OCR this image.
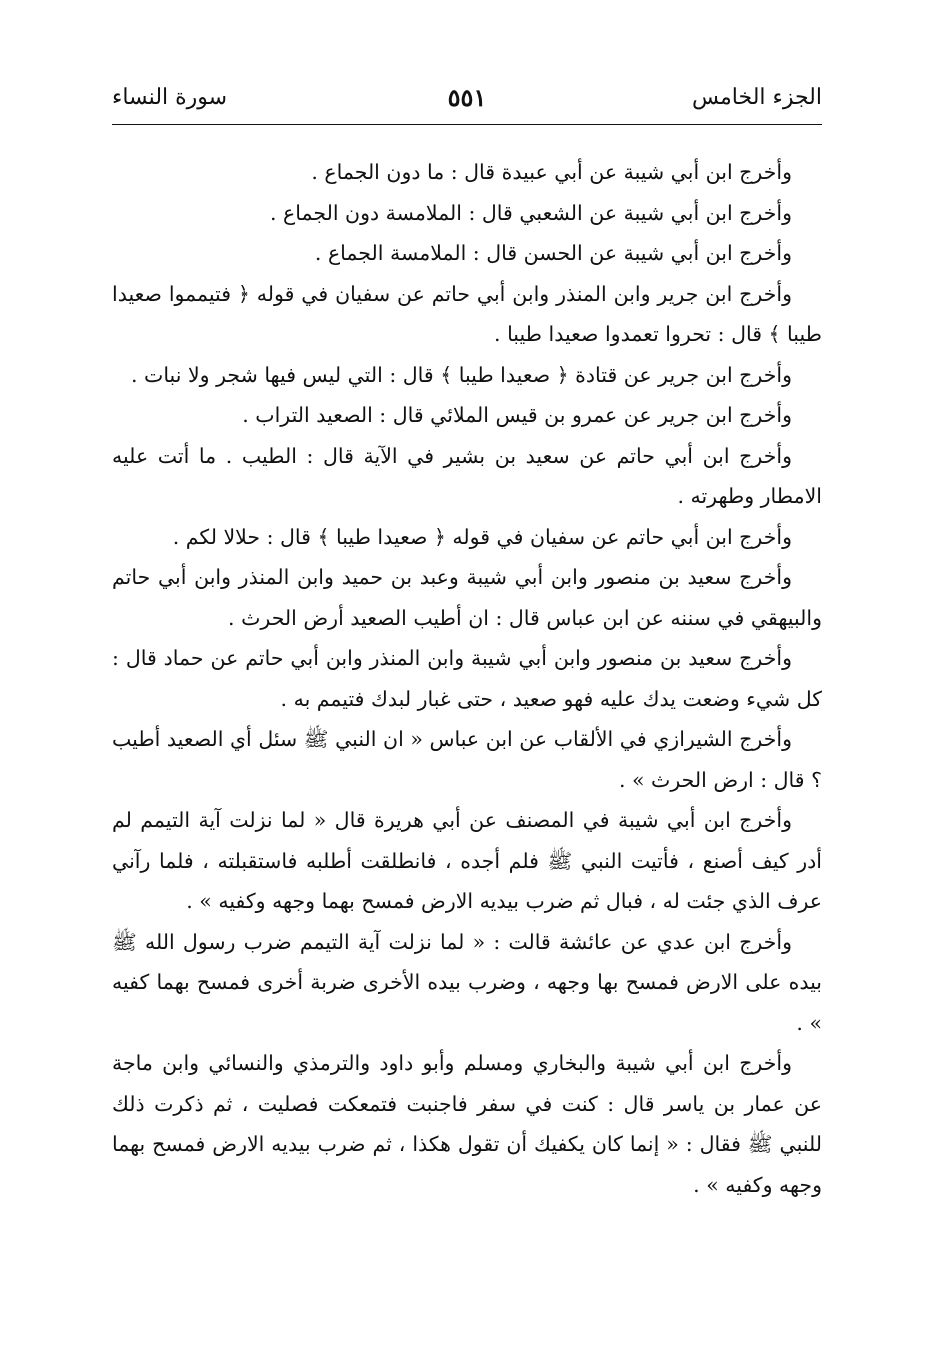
الجزء الخامس
٥٥١
سورة النساء

وأخرج ابن أبي شيبة عن أبي عبيدة قال : ما دون الجماع .

وأخرج ابن أبي شيبة عن الشعبي قال : الملامسة دون الجماع .

وأخرج ابن أبي شيبة عن الحسن قال : الملامسة الجماع .

وأخرج ابن جرير وابن المنذر وابن أبي حاتم عن سفيان في قوله ﴿ فتيمموا صعيدا طيبا ﴾ قال : تحروا تعمدوا صعيدا طيبا .

وأخرج ابن جرير عن قتادة ﴿ صعيدا طيبا ﴾ قال : التي ليس فيها شجر ولا نبات .

وأخرج ابن جرير عن عمرو بن قيس الملائي قال : الصعيد التراب .

وأخرج ابن أبي حاتم عن سعيد بن بشير في الآية قال : الطيب . ما أتت عليه الامطار وطهرته .

وأخرج ابن أبي حاتم عن سفيان في قوله ﴿ صعيدا طيبا ﴾ قال : حلالا لكم .

وأخرج سعيد بن منصور وابن أبي شيبة وعبد بن حميد وابن المنذر وابن أبي حاتم والبيهقي في سننه عن ابن عباس قال : ان أطيب الصعيد أرض الحرث .

وأخرج سعيد بن منصور وابن أبي شيبة وابن المنذر وابن أبي حاتم عن حماد قال : كل شيء وضعت يدك عليه فهو صعيد ، حتى غبار لبدك فتيمم به .

وأخرج الشيرازي في الألقاب عن ابن عباس « ان النبي ﷺ سئل أي الصعيد أطيب ؟ قال : ارض الحرث » .

وأخرج ابن أبي شيبة في المصنف عن أبي هريرة قال « لما نزلت آية التيمم لم أدر كيف أصنع ، فأتيت النبي ﷺ فلم أجده ، فانطلقت أطلبه فاستقبلته ، فلما رآني عرف الذي جئت له ، فبال ثم ضرب بيديه الارض فمسح بهما وجهه وكفيه » .

وأخرج ابن عدي عن عائشة قالت : « لما نزلت آية التيمم ضرب رسول الله ﷺ بيده على الارض فمسح بها وجهه ، وضرب بيده الأخرى ضربة أخرى فمسح بهما كفيه » .

وأخرج ابن أبي شيبة والبخاري ومسلم وأبو داود والترمذي والنسائي وابن ماجة عن عمار بن ياسر قال : كنت في سفر فاجنبت فتمعكت فصليت ، ثم ذكرت ذلك للنبي ﷺ فقال : « إنما كان يكفيك أن تقول هكذا ، ثم ضرب بيديه الارض فمسح بهما وجهه وكفيه » .
